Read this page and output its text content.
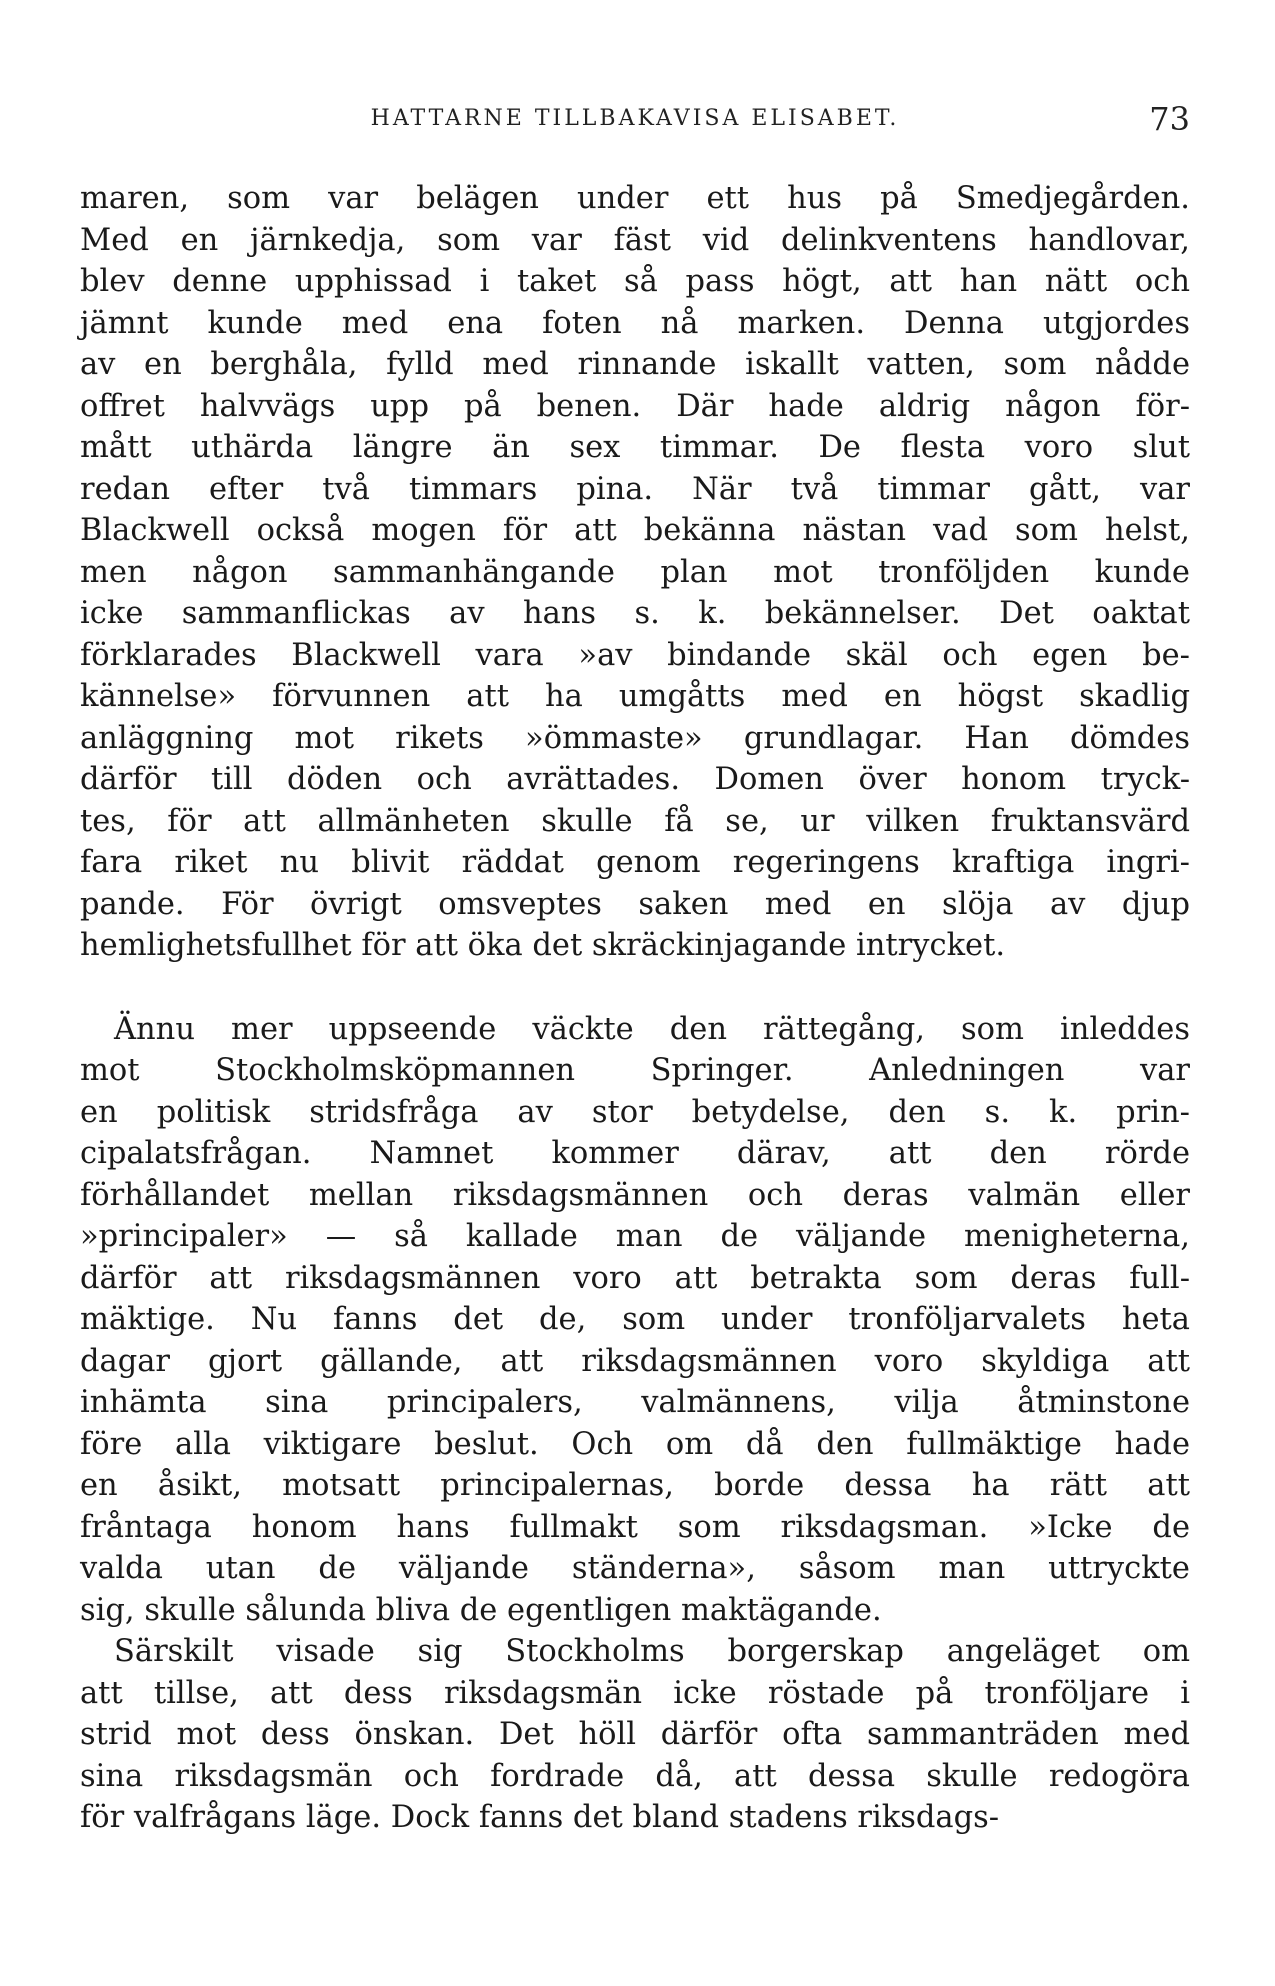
HATTARNE TILLBAKAVISA ELISABET.	73
maren, som var belägen under ett hus på Smedjegården.
Med en järnkedja, som var fäst vid delinkventens handlovar,
blev denne upphissad i taket så pass högt, att han nätt och
jämnt kunde med ena foten nå marken. Denna utgjordes
av en berghåla, fylld med rinnande iskallt vatten, som nådde
offret halvvägs upp på benen. Där hade aldrig någon för-
mått uthärda längre än sex timmar. De flesta voro slut
redan efter två timmars pina. När två timmar gått, var
Blackwell också mogen för att bekänna nästan vad som helst,
men någon sammanhängande plan mot tronföljden kunde
icke sammanflickas av hans s. k. bekännelser. Det oaktat
förklarades Blackwell vara »av bindande skäl och egen be-
kännelse» förvunnen att ha umgåtts med en högst skadlig
anläggning mot rikets »ömmaste» grundlagar. Han dömdes
därför till döden och avrättades. Domen över honom tryck-
tes, för att allmänheten skulle få se, ur vilken fruktansvärd
fara riket nu blivit räddat genom regeringens kraftiga ingri-
pande. För övrigt omsveptes saken med en slöja av djup
hemlighetsfullhet för att öka det skräckinjagande intrycket.
Ännu mer uppseende väckte den rättegång, som inleddes
mot Stockholmsköpmannen Springer. Anledningen var
en politisk stridsfråga av stor betydelse, den s. k. prin-
cipalatsfrågan. Namnet kommer därav, att den rörde
förhållandet mellan riksdagsmännen och deras valmän eller
»principaler» — så kallade man de väljande menigheterna,
därför att riksdagsmännen voro att betrakta som deras full-
mäktige. Nu fanns det de, som under tronföljarvalets heta
dagar gjort gällande, att riksdagsmännen voro skyldiga att
inhämta sina principalers, valmännens, vilja åtminstone
före alla viktigare beslut. Och om då den fullmäktige hade
en åsikt, motsatt principalernas, borde dessa ha rätt att
fråntaga honom hans fullmakt som riksdagsman. »Icke de
valda utan de väljande ständerna», såsom man uttryckte
sig, skulle sålunda bliva de egentligen maktägande.
Särskilt visade sig Stockholms borgerskap angeläget om
att tillse, att dess riksdagsmän icke röstade på tronföljare i
strid mot dess önskan. Det höll därför ofta sammanträden med
sina riksdagsmän och fordrade då, att dessa skulle redogöra
för valfrågans läge. Dock fanns det bland stadens riksdags-
